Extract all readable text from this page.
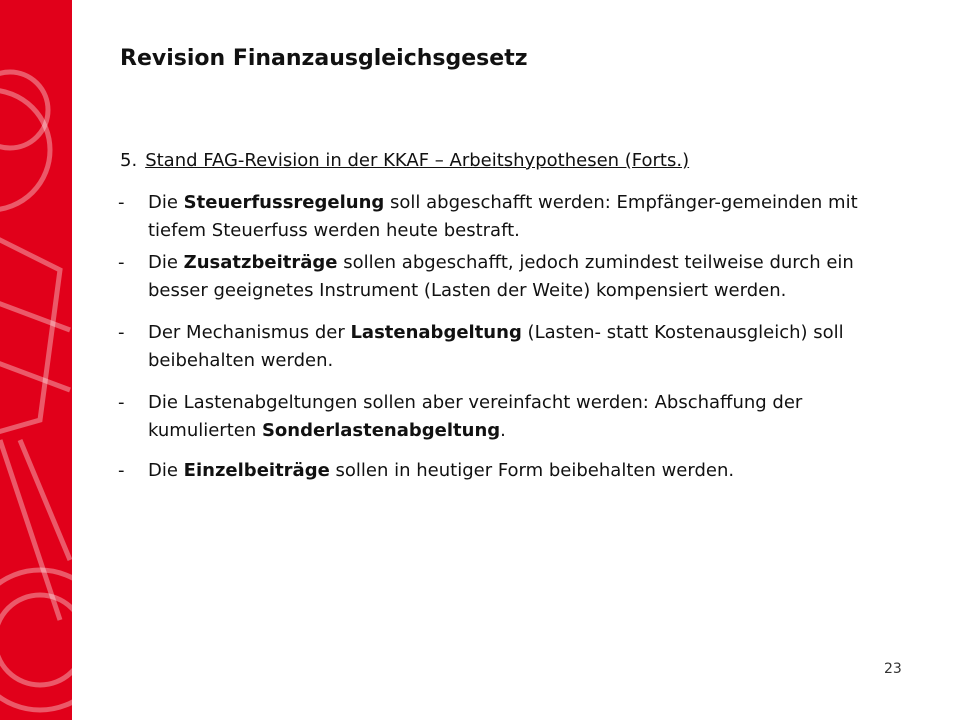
Revision Finanzausgleichsgesetz

5. Stand FAG-Revision in der KKAF – Arbeitshypothesen (Forts.)

-	Die Steuerfussregelung soll abgeschafft werden: Empfänger-gemeinden mit tiefem Steuerfuss werden heute bestraft.
-	Die Zusatzbeiträge sollen abgeschafft, jedoch zumindest teilweise durch ein besser geeignetes Instrument (Lasten der Weite) kompensiert werden.
-	Der Mechanismus der Lastenabgeltung (Lasten- statt Kostenausgleich) soll beibehalten werden.
-	Die Lastenabgeltungen sollen aber vereinfacht werden: Abschaffung der kumulierten Sonderlastenabgeltung.
-	Die Einzelbeiträge sollen in heutiger Form beibehalten werden.
23
